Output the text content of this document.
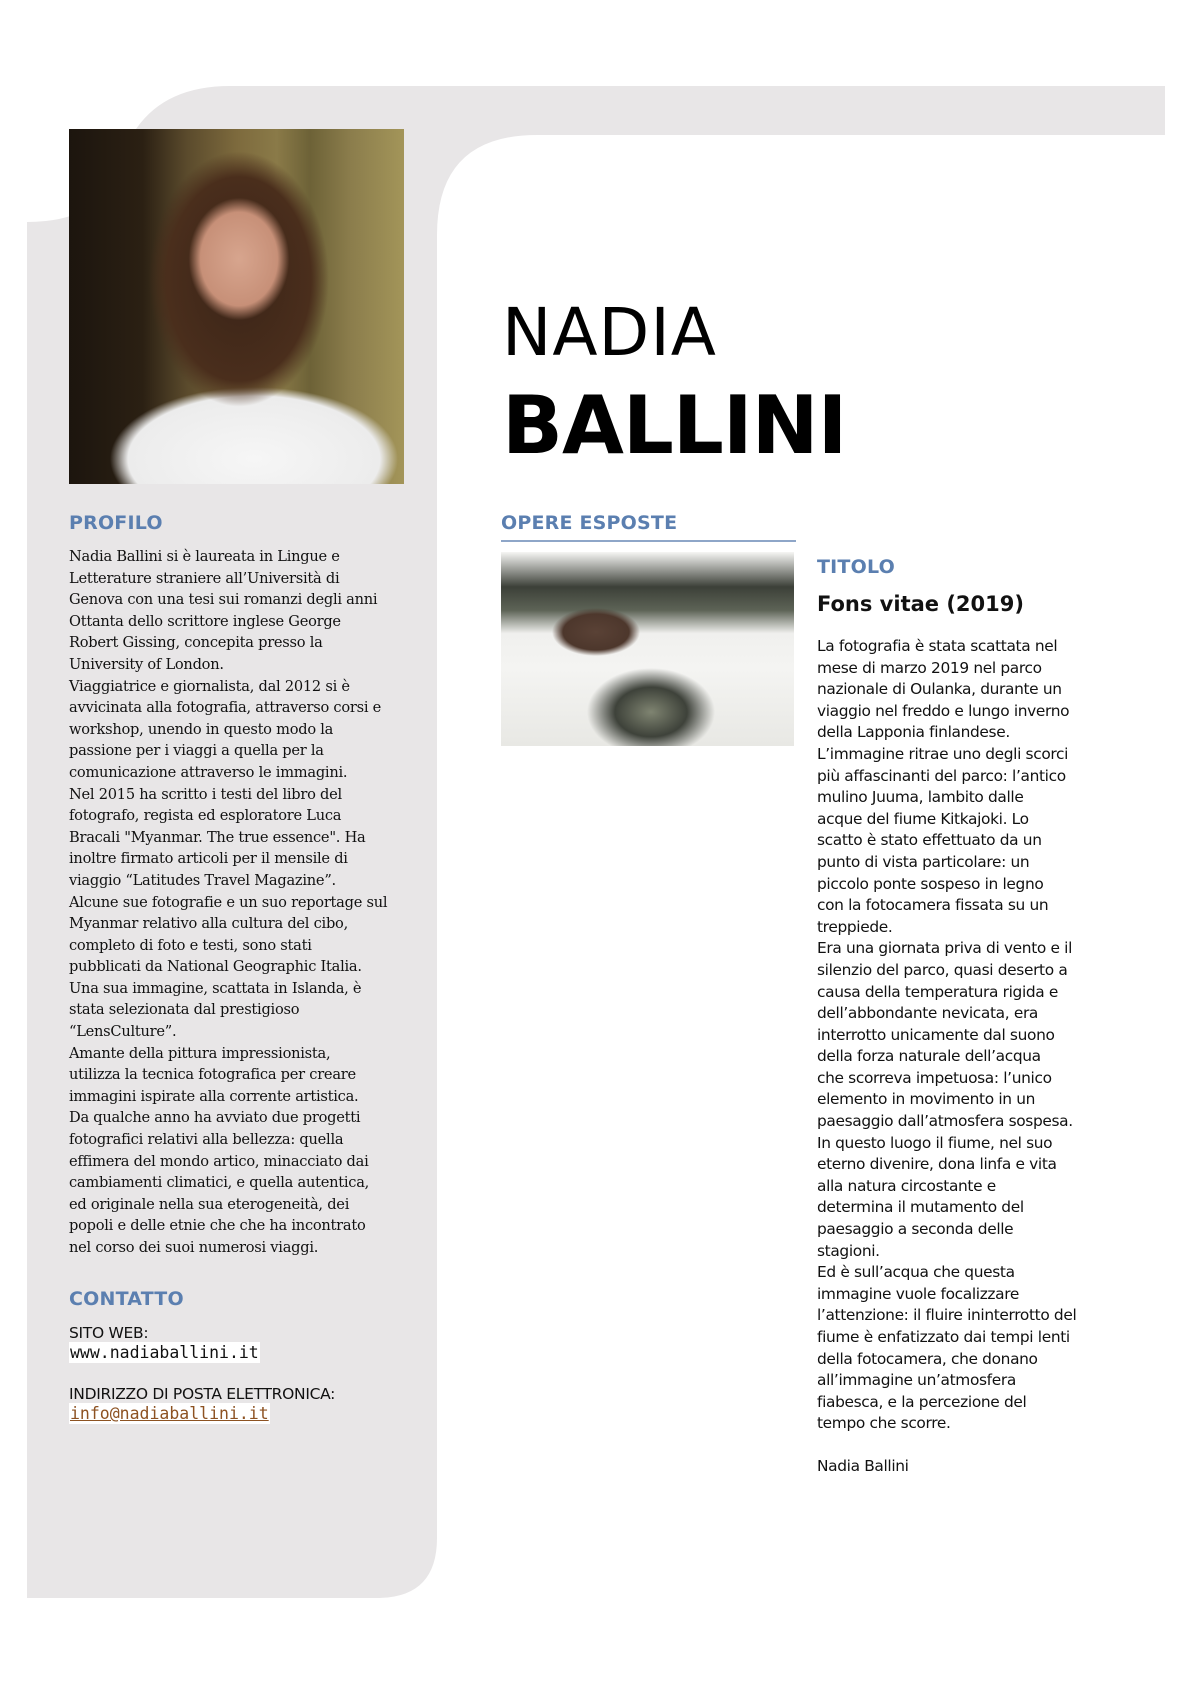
PROFILO

Nadia Ballini si è laureata in Lingue e
Letterature straniere all’Università di
Genova con una tesi sui romanzi degli anni
Ottanta dello scrittore inglese George
Robert Gissing, concepita presso la
University of London.
Viaggiatrice e giornalista, dal 2012 si è
avvicinata alla fotografia, attraverso corsi e
workshop, unendo in questo modo la
passione per i viaggi a quella per la
comunicazione attraverso le immagini.
Nel 2015 ha scritto i testi del libro del
fotografo, regista ed esploratore Luca
Bracali "Myanmar. The true essence". Ha
inoltre firmato articoli per il mensile di
viaggio “Latitudes Travel Magazine”.
Alcune sue fotografie e un suo reportage sul
Myanmar relativo alla cultura del cibo,
completo di foto e testi, sono stati
pubblicati da National Geographic Italia.
Una sua immagine, scattata in Islanda, è
stata selezionata dal prestigioso
“LensCulture”.
Amante della pittura impressionista,
utilizza la tecnica fotografica per creare
immagini ispirate alla corrente artistica.
Da qualche anno ha avviato due progetti
fotografici relativi alla bellezza: quella
effimera del mondo artico, minacciato dai
cambiamenti climatici, e quella autentica,
ed originale nella sua eterogeneità, dei
popoli e delle etnie che che ha incontrato
nel corso dei suoi numerosi viaggi.

CONTATTO
SITO WEB:
www.nadiaballini.it
INDIRIZZO DI POSTA ELETTRONICA:
info@nadiaballini.it
NADIA
BALLINI
OPERE ESPOSTE
TITOLO
Fons vitae (2019)

La fotografia è stata scattata nel
mese di marzo 2019 nel parco
nazionale di Oulanka, durante un
viaggio nel freddo e lungo inverno
della Lapponia finlandese.
L’immagine ritrae uno degli scorci
più affascinanti del parco: l’antico
mulino Juuma, lambito dalle
acque del fiume Kitkajoki. Lo
scatto è stato effettuato da un
punto di vista particolare: un
piccolo ponte sospeso in legno
con la fotocamera fissata su un
treppiede.
Era una giornata priva di vento e il
silenzio del parco, quasi deserto a
causa della temperatura rigida e
dell’abbondante nevicata, era
interrotto unicamente dal suono
della forza naturale dell’acqua
che scorreva impetuosa: l’unico
elemento in movimento in un
paesaggio dall’atmosfera sospesa.
In questo luogo il fiume, nel suo
eterno divenire, dona linfa e vita
alla natura circostante e
determina il mutamento del
paesaggio a seconda delle
stagioni.
Ed è sull’acqua che questa
immagine vuole focalizzare
l’attenzione: il fluire ininterrotto del
fiume è enfatizzato dai tempi lenti
della fotocamera, che donano
all’immagine un’atmosfera
fiabesca, e la percezione del
tempo che scorre.

Nadia Ballini
